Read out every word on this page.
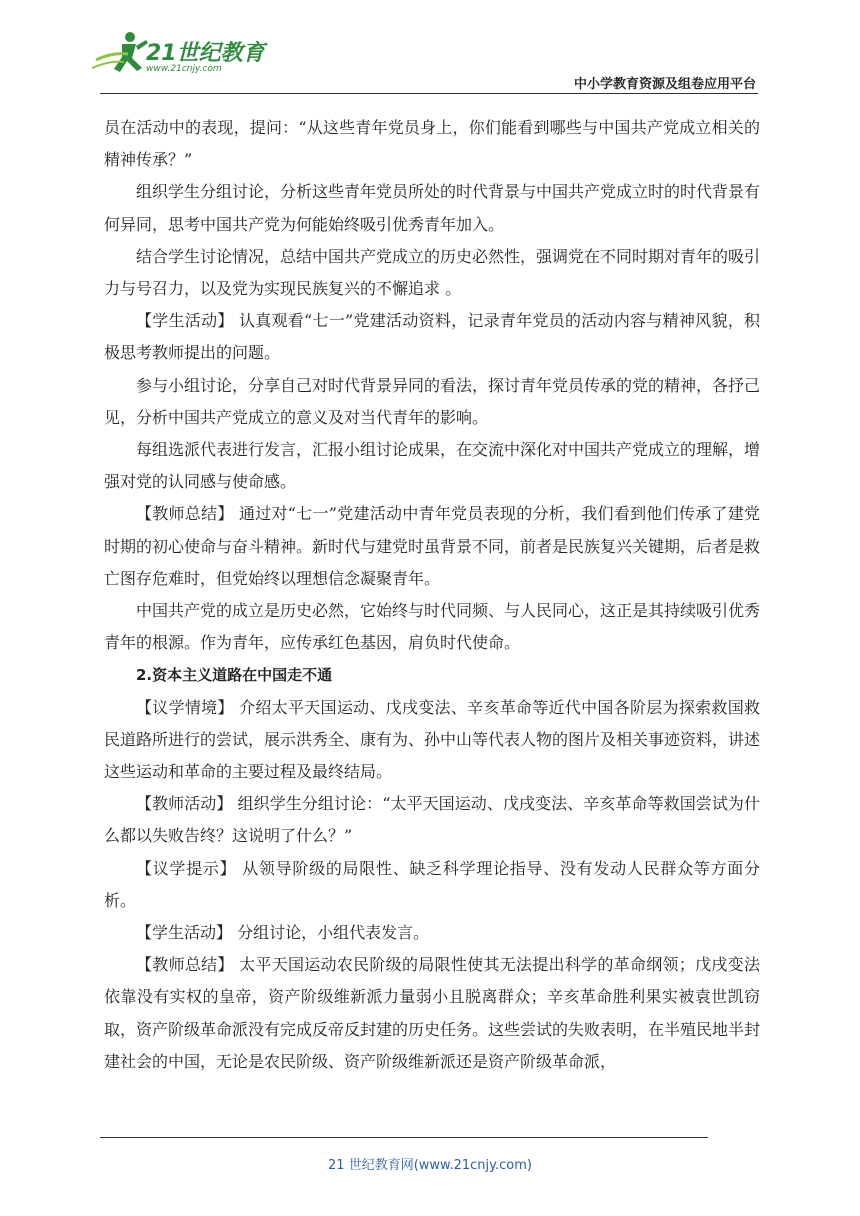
21世纪教育
www.21cnjy.com
中小学教育资源及组卷应用平台

员在活动中的表现，提问：“从这些青年党员身上，你们能看到哪些与中国共产党成立相关的精神传承？”

组织学生分组讨论，分析这些青年党员所处的时代背景与中国共产党成立时的时代背景有何异同，思考中国共产党为何能始终吸引优秀青年加入。

结合学生讨论情况，总结中国共产党成立的历史必然性，强调党在不同时期对青年的吸引力与号召力，以及党为实现民族复兴的不懈追求 。

【学生活动】 认真观看“七一”党建活动资料，记录青年党员的活动内容与精神风貌，积极思考教师提出的问题。

参与小组讨论，分享自己对时代背景异同的看法，探讨青年党员传承的党的精神，各抒己见，分析中国共产党成立的意义及对当代青年的影响。

每组选派代表进行发言，汇报小组讨论成果，在交流中深化对中国共产党成立的理解，增强对党的认同感与使命感。

【教师总结】 通过对“七一”党建活动中青年党员表现的分析，我们看到他们传承了建党时期的初心使命与奋斗精神。新时代与建党时虽背景不同，前者是民族复兴关键期，后者是救亡图存危难时，但党始终以理想信念凝聚青年。

中国共产党的成立是历史必然，它始终与时代同频、与人民同心，这正是其持续吸引优秀青年的根源。作为青年，应传承红色基因，肩负时代使命。

2.资本主义道路在中国走不通

【议学情境】 介绍太平天国运动、戊戌变法、辛亥革命等近代中国各阶层为探索救国救民道路所进行的尝试，展示洪秀全、康有为、孙中山等代表人物的图片及相关事迹资料，讲述这些运动和革命的主要过程及最终结局。

【教师活动】 组织学生分组讨论：“太平天国运动、戊戌变法、辛亥革命等救国尝试为什么都以失败告终？这说明了什么？”

【议学提示】 从领导阶级的局限性、缺乏科学理论指导、没有发动人民群众等方面分析。

【学生活动】 分组讨论，小组代表发言。

【教师总结】 太平天国运动农民阶级的局限性使其无法提出科学的革命纲领；戊戌变法依靠没有实权的皇帝，资产阶级维新派力量弱小且脱离群众；辛亥革命胜利果实被袁世凯窃取，资产阶级革命派没有完成反帝反封建的历史任务。这些尝试的失败表明，在半殖民地半封建社会的中国，无论是农民阶级、资产阶级维新派还是资产阶级革命派，

21 世纪教育网(www.21cnjy.com)
